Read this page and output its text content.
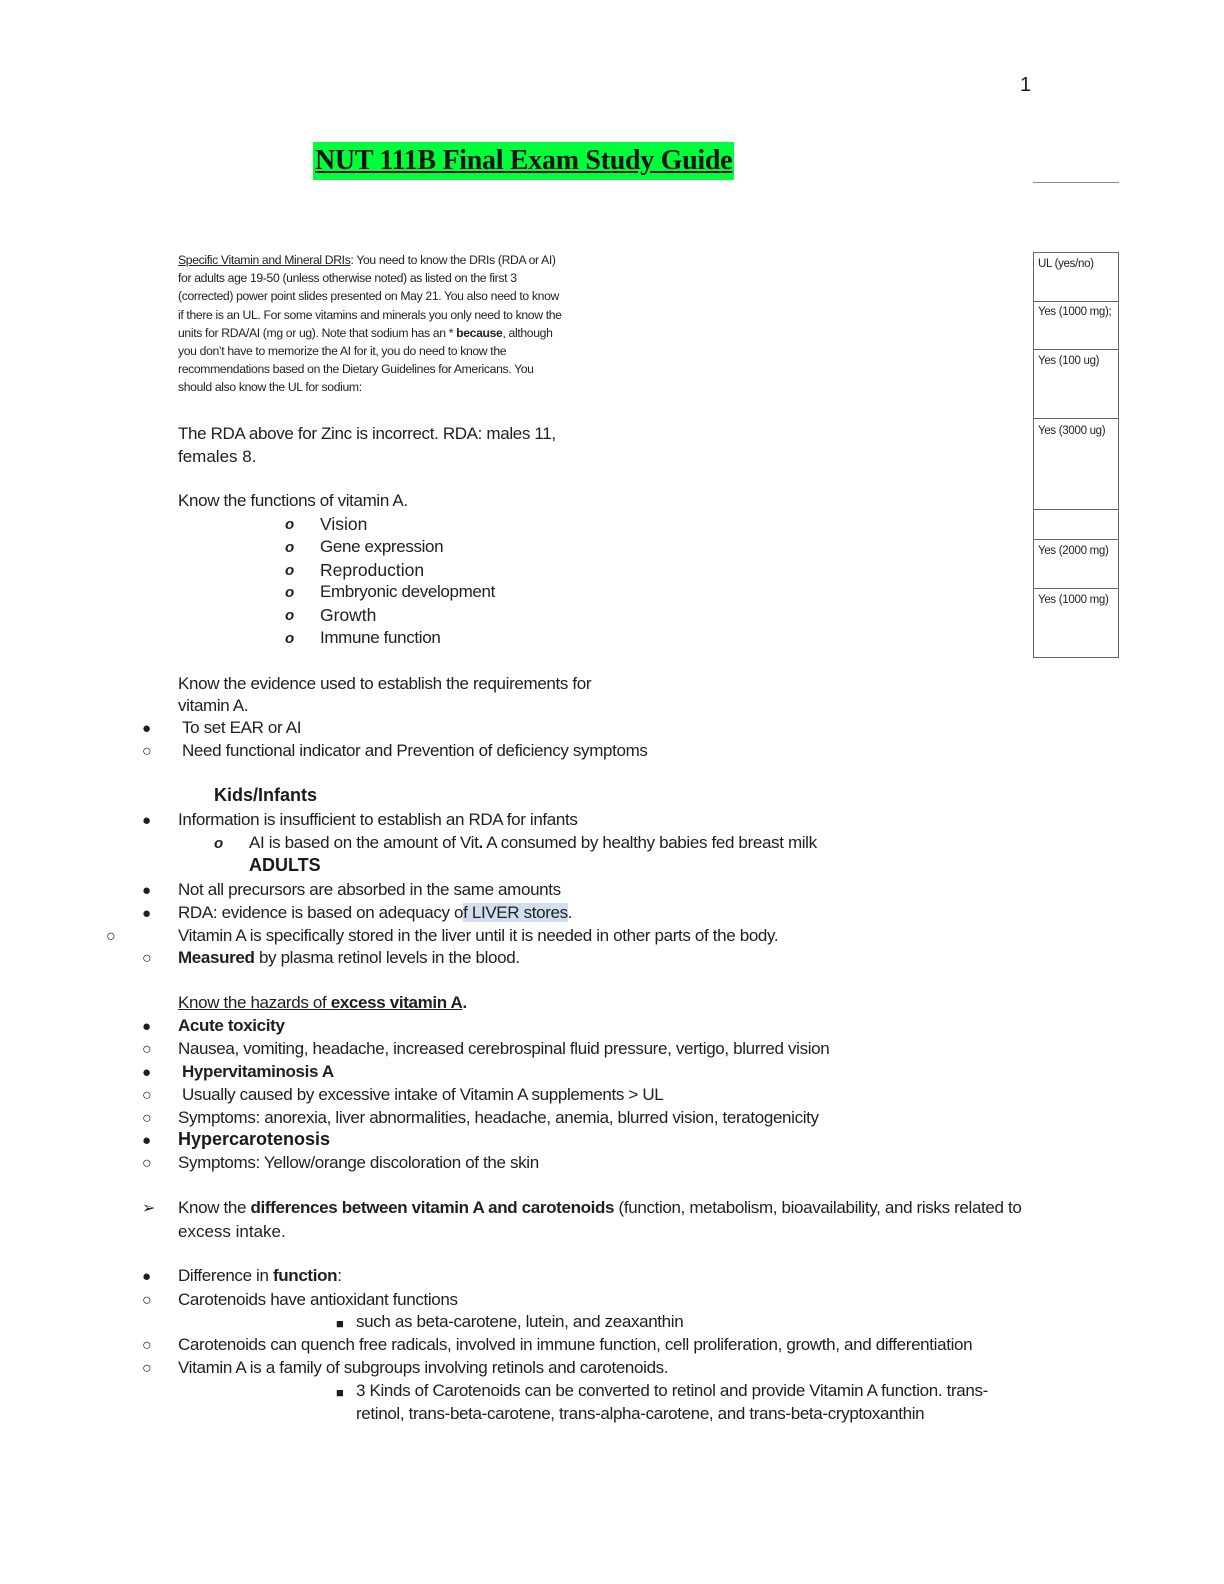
1
NUT 111B Final Exam Study Guide
Specific Vitamin and Mineral DRIs: You need to know the DRIs (RDA or AI)
for adults age 19-50 (unless otherwise noted) as listed on the first 3
(corrected) power point slides presented on May 21. You also need to know
if there is an UL. For some vitamins and minerals you only need to know the
units for RDA/AI (mg or ug). Note that sodium has an * because, although
you don’t have to memorize the AI for it, you do need to know the
recommendations based on the Dietary Guidelines for Americans. You
should also know the UL for sodium:
UL (yes/no)
Yes (1000 mg);
Yes (100 ug)
Yes (3000 ug)
Yes (2000 mg)
Yes (1000 mg)
The RDA above for Zinc is incorrect. RDA: males 11,
females 8.
Know the functions of vitamin A.
o Vision
o Gene expression
o Reproduction
o Embryonic development
o Growth
o Immune function
Know the evidence used to establish the requirements for
vitamin A.
● To set EAR or AI
○ Need functional indicator and Prevention of deficiency symptoms
Kids/Infants
● Information is insufficient to establish an RDA for infants
o AI is based on the amount of Vit. A consumed by healthy babies fed breast milk
ADULTS
● Not all precursors are absorbed in the same amounts
● RDA: evidence is based on adequacy of LIVER stores.
○	Vitamin A is specifically stored in the liver until it is needed in other parts of the body.
○ Measured by plasma retinol levels in the blood.
Know the hazards of excess vitamin A.
● Acute toxicity
○ Nausea, vomiting, headache, increased cerebrospinal fluid pressure, vertigo, blurred vision
● Hypervitaminosis A
○ Usually caused by excessive intake of Vitamin A supplements > UL
○ Symptoms: anorexia, liver abnormalities, headache, anemia, blurred vision, teratogenicity
● Hypercarotenosis
○ Symptoms: Yellow/orange discoloration of the skin
➢ Know the differences between vitamin A and carotenoids (function, metabolism, bioavailability, and risks related to
excess intake.
● Difference in function:
○ Carotenoids have antioxidant functions
■ such as beta-carotene, lutein, and zeaxanthin
○ Carotenoids can quench free radicals, involved in immune function, cell proliferation, growth, and differentiation
○ Vitamin A is a family of subgroups involving retinols and carotenoids.
■ 3 Kinds of Carotenoids can be converted to retinol and provide Vitamin A function. trans-
retinol, trans-beta-carotene, trans-alpha-carotene, and trans-beta-cryptoxanthin
